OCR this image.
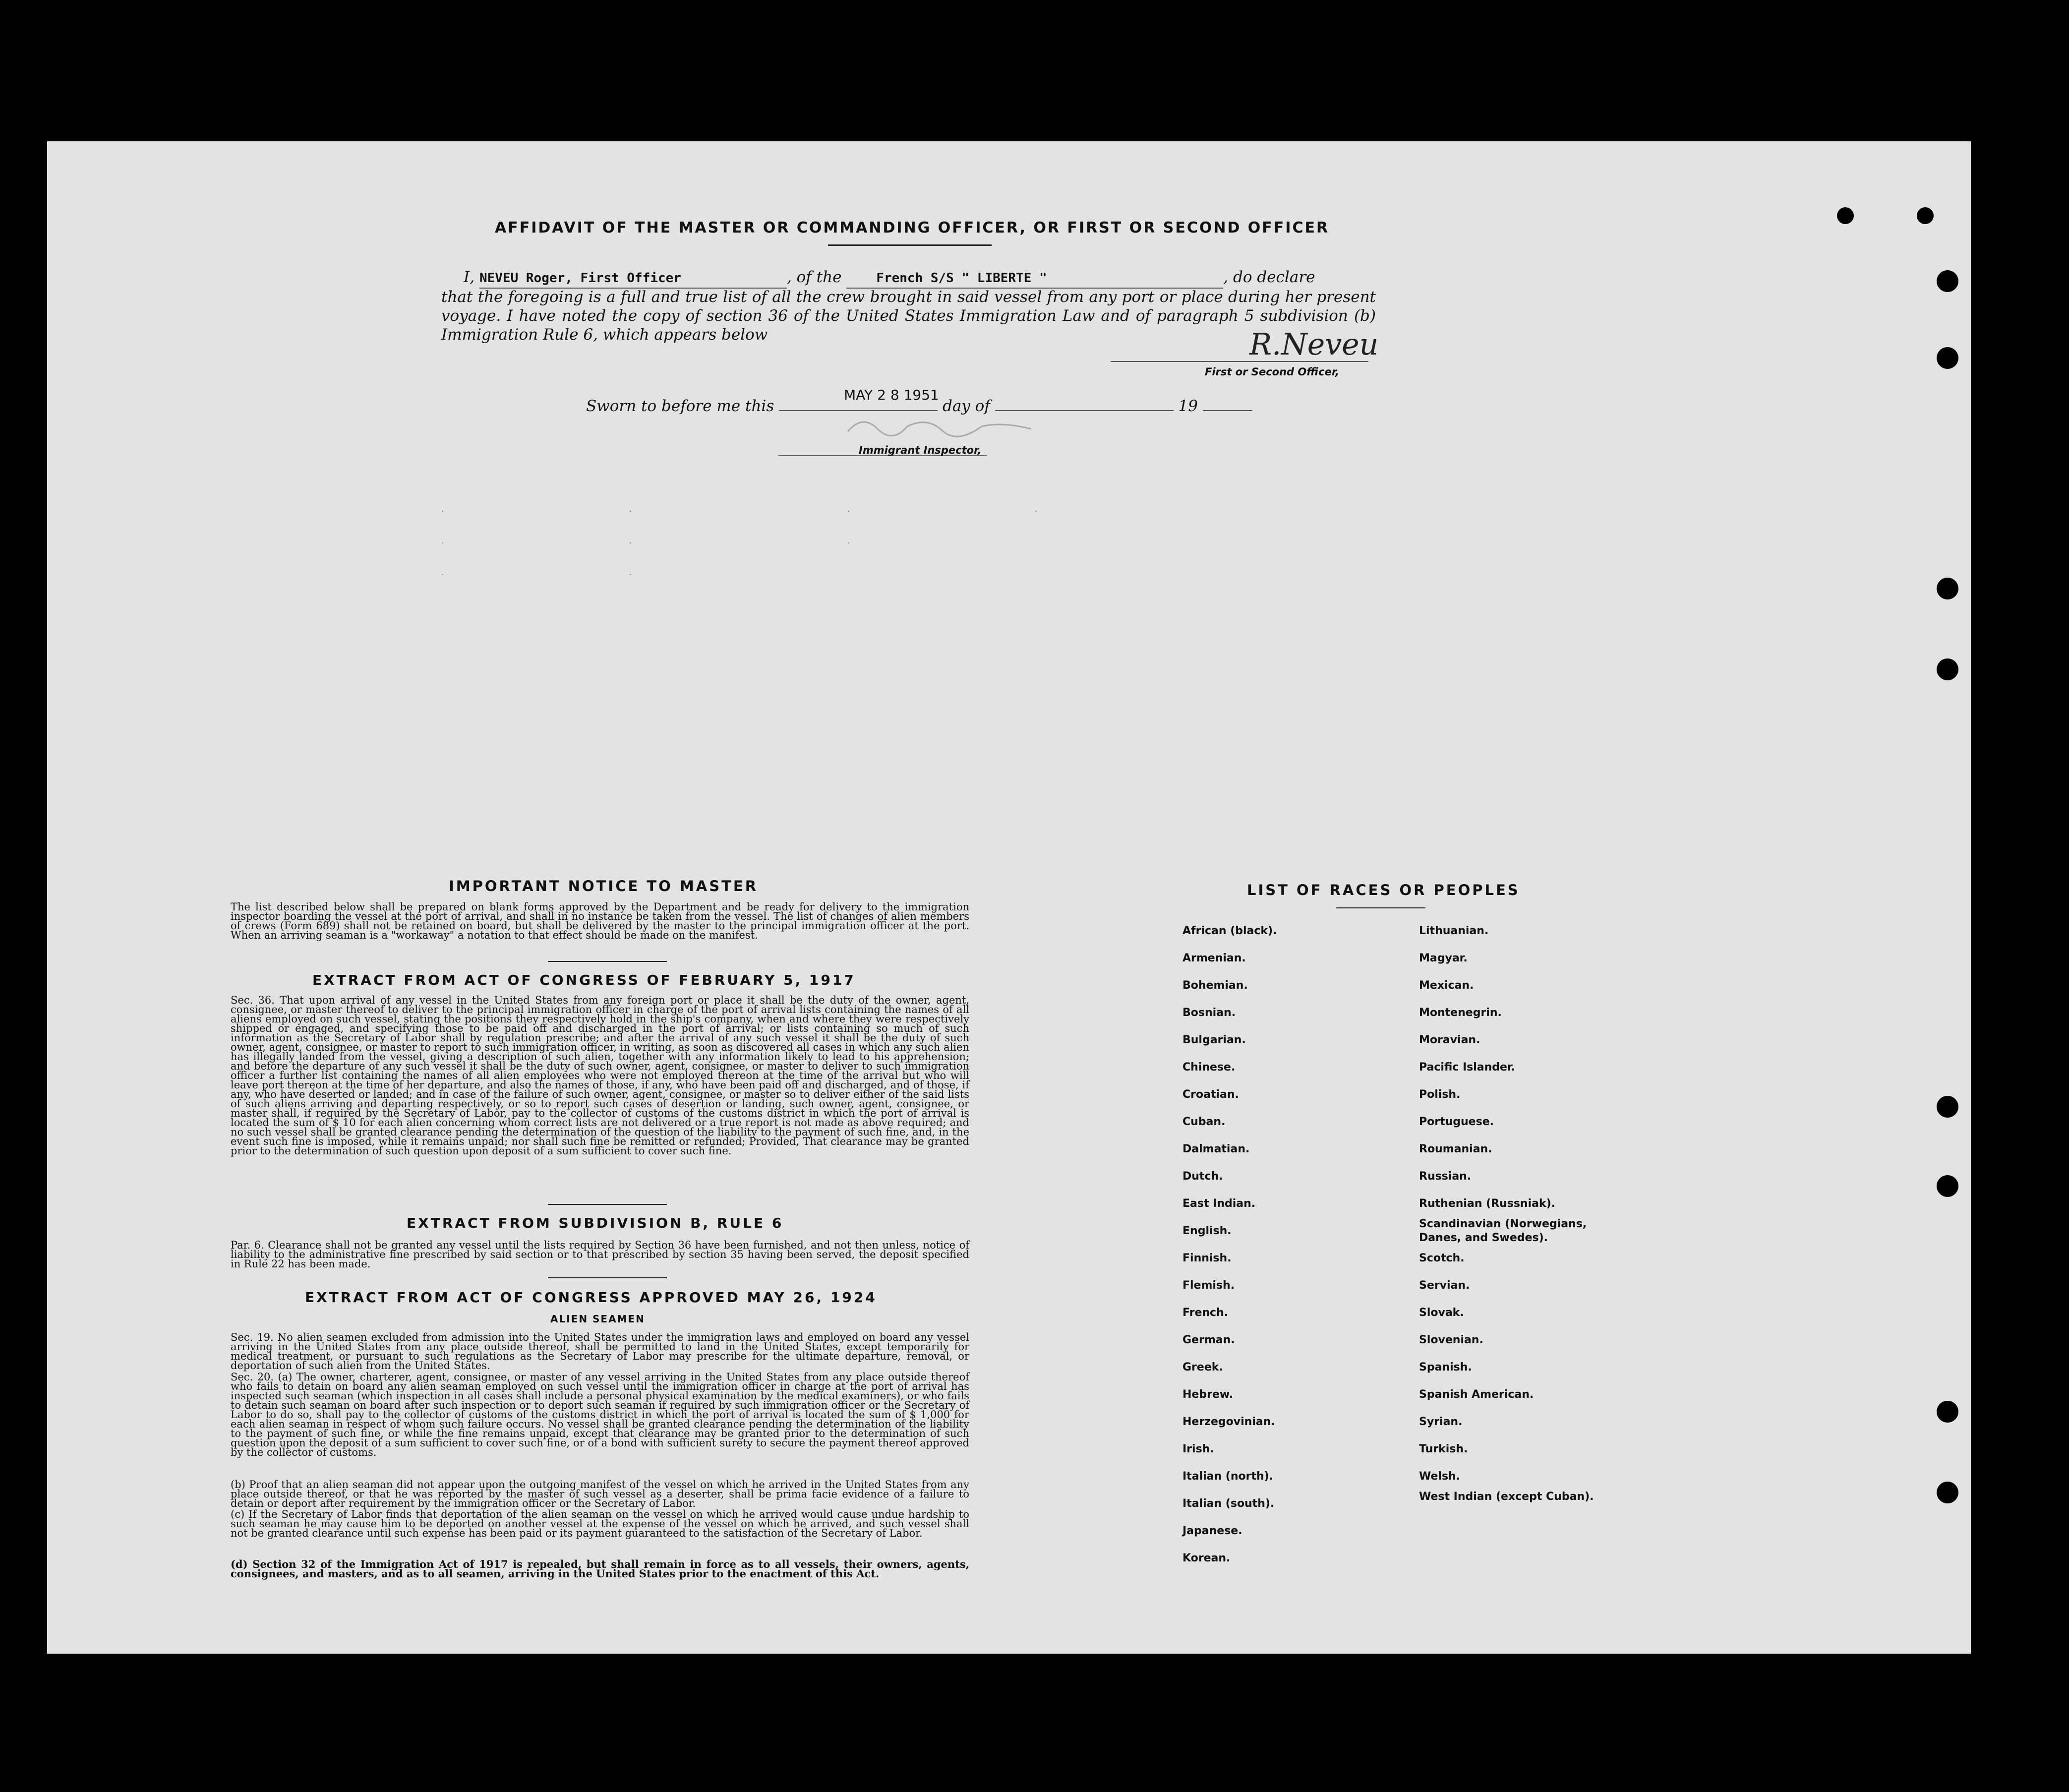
AFFIDAVIT OF THE MASTER OR COMMANDING OFFICER, OR FIRST OR SECOND OFFICER
I, NEVEU Roger, First Officer	, of the	French S/S " LIBERTE "	, do declare
that the foregoing is a full and true list of all the crew brought in said vessel from any port or place during her present voyage. I have noted the copy of section 36 of the United States Immigration Law and of paragraph 5 subdivision (b) Immigration Rule 6, which appears below	R.Neveu
First or Second Officer,
Sworn to before me this	day of	19
MAY 2 8 1951
Immigrant Inspector,
·                                                ·                                                        ·                                                ·
·                                                ·                                                        ·
·                                                ·
IMPORTANT NOTICE TO MASTER
The list described below shall be prepared on blank forms approved by the Department and be ready for delivery to the immigration inspector boarding the vessel at the port of arrival, and shall in no instance be taken from the vessel. The list of changes of alien members of crews (Form 689) shall not be retained on board, but shall be delivered by the master to the principal immigration officer at the port. When an arriving seaman is a "workaway" a notation to that effect should be made on the manifest.
EXTRACT FROM ACT OF CONGRESS OF FEBRUARY 5, 1917
Sec. 36. That upon arrival of any vessel in the United States from any foreign port or place it shall be the duty of the owner, agent, consignee, or master thereof to deliver to the principal immigration officer in charge of the port of arrival lists containing the names of all aliens employed on such vessel, stating the positions they respectively hold in the ship's company, when and where they were respectively shipped or engaged, and specifying those to be paid off and discharged in the port of arrival; or lists containing so much of such information as the Secretary of Labor shall by regulation prescribe; and after the arrival of any such vessel it shall be the duty of such owner, agent, consignee, or master to report to such immigration officer, in writing, as soon as discovered all cases in which any such alien has illegally landed from the vessel, giving a description of such alien, together with any information likely to lead to his apprehension; and before the departure of any such vessel it shall be the duty of such owner, agent, consignee, or master to deliver to such immigration officer a further list containing the names of all alien employees who were not employed thereon at the time of the arrival but who will leave port thereon at the time of her departure, and also the names of those, if any, who have been paid off and discharged, and of those, if any, who have deserted or landed; and in case of the failure of such owner, agent, consignee, or master so to deliver either of the said lists of such aliens arriving and departing respectively, or so to report such cases of desertion or landing, such owner, agent, consignee, or master shall, if required by the Secretary of Labor, pay to the collector of customs of the customs district in which the port of arrival is located the sum of $ 10 for each alien concerning whom correct lists are not delivered or a true report is not made as above required; and no such vessel shall be granted clearance pending the determination of the question of the liability to the payment of such fine, and, in the event such fine is imposed, while it remains unpaid; nor shall such fine be remitted or refunded; Provided, That clearance may be granted prior to the determination of such question upon deposit of a sum sufficient to cover such fine.
EXTRACT FROM SUBDIVISION B, RULE 6
Par. 6. Clearance shall not be granted any vessel until the lists required by Section 36 have been furnished, and not then unless, notice of liability to the administrative fine prescribed by said section or to that prescribed by section 35 having been served, the deposit specified in Rule 22 has been made.
EXTRACT FROM ACT OF CONGRESS APPROVED MAY 26, 1924
ALIEN SEAMEN
Sec. 19. No alien seamen excluded from admission into the United States under the immigration laws and employed on board any vessel arriving in the United States from any place outside thereof, shall be permitted to land in the United States, except temporarily for medical treatment, or pursuant to such regulations as the Secretary of Labor may prescribe for the ultimate departure, removal, or deportation of such alien from the United States.
Sec. 20. (a) The owner, charterer, agent, consignee, or master of any vessel arriving in the United States from any place outside thereof who fails to detain on board any alien seaman employed on such vessel until the immigration officer in charge at the port of arrival has inspected such seaman (which inspection in all cases shall include a personal physical examination by the medical examiners), or who fails to detain such seaman on board after such inspection or to deport such seaman if required by such immigration officer or the Secretary of Labor to do so, shall pay to the collector of customs of the customs district in which the port of arrival is located the sum of $ 1,000 for each alien seaman in respect of whom such failure occurs. No vessel shall be granted clearance pending the determination of the liability to the payment of such fine, or while the fine remains unpaid, except that clearance may be granted prior to the determination of such question upon the deposit of a sum sufficient to cover such fine, or of a bond with sufficient surety to secure the payment thereof approved by the collector of customs.
(b) Proof that an alien seaman did not appear upon the outgoing manifest of the vessel on which he arrived in the United States from any place outside thereof, or that he was reported by the master of such vessel as a deserter, shall be prima facie evidence of a failure to detain or deport after requirement by the immigration officer or the Secretary of Labor.
(c) If the Secretary of Labor finds that deportation of the alien seaman on the vessel on which he arrived would cause undue hardship to such seaman he may cause him to be deported on another vessel at the expense of the vessel on which he arrived, and such vessel shall not be granted clearance until such expense has been paid or its payment guaranteed to the satisfaction of the Secretary of Labor.
(d) Section 32 of the Immigration Act of 1917 is repealed, but shall remain in force as to all vessels, their owners, agents, consignees, and masters, and as to all seamen, arriving in the United States prior to the enactment of this Act.
LIST OF RACES OR PEOPLES
African (black).
Armenian.
Bohemian.
Bosnian.
Bulgarian.
Chinese.
Croatian.
Cuban.
Dalmatian.
Dutch.
East Indian.
English.
Finnish.
Flemish.
French.
German.
Greek.
Hebrew.
Herzegovinian.
Irish.
Italian (north).
Italian (south).
Japanese.
Korean.
Lithuanian.
Magyar.
Mexican.
Montenegrin.
Moravian.
Pacific Islander.
Polish.
Portuguese.
Roumanian.
Russian.
Ruthenian (Russniak).
Scandinavian (Norwegians, Danes, and Swedes).
Scotch.
Servian.
Slovak.
Slovenian.
Spanish.
Spanish American.
Syrian.
Turkish.
Welsh.
West Indian (except Cuban).
